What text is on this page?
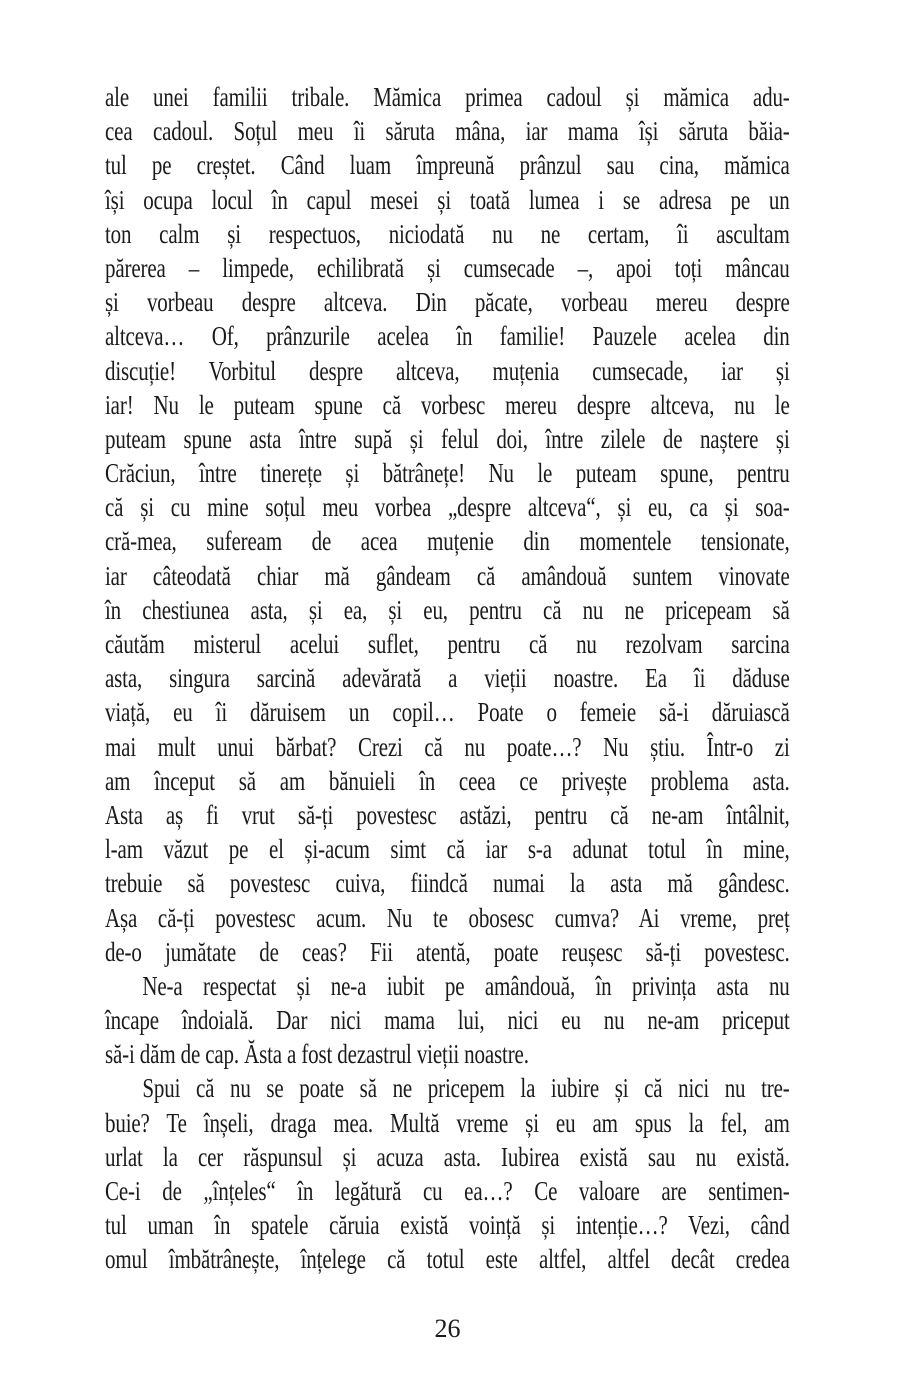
ale unei familii tribale. Mămica primea cadoul și mămica adu-
cea cadoul. Soțul meu îi săruta mâna, iar mama își săruta băia-
tul pe creștet. Când luam împreună prânzul sau cina, mămica
își ocupa locul în capul mesei și toată lumea i se adresa pe un
ton calm și respectuos, niciodată nu ne certam, îi ascultam
părerea – limpede, echilibrată și cumsecade –, apoi toți mâncau
și vorbeau despre altceva. Din păcate, vorbeau mereu despre
altceva… Of, prânzurile acelea în familie! Pauzele acelea din
discuție! Vorbitul despre altceva, muțenia cumsecade, iar și
iar! Nu le puteam spune că vorbesc mereu despre altceva, nu le
puteam spune asta între supă și felul doi, între zilele de naștere și
Crăciun, între tinerețe și bătrânețe! Nu le puteam spune, pentru
că și cu mine soțul meu vorbea „despre altceva“, și eu, ca și soa-
cră-mea, sufeream de acea muțenie din momentele tensionate,
iar câteodată chiar mă gândeam că amândouă suntem vinovate
în chestiunea asta, și ea, și eu, pentru că nu ne pricepeam să
căutăm misterul acelui suflet, pentru că nu rezolvam sarcina
asta, singura sarcină adevărată a vieții noastre. Ea îi dăduse
viață, eu îi dăruisem un copil… Poate o femeie să-i dăruiască
mai mult unui bărbat? Crezi că nu poate…? Nu știu. Într-o zi
am început să am bănuieli în ceea ce privește problema asta.
Asta aș fi vrut să-ți povestesc astăzi, pentru că ne-am întâlnit,
l-am văzut pe el și-acum simt că iar s-a adunat totul în mine,
trebuie să povestesc cuiva, fiindcă numai la asta mă gândesc.
Așa că-ți povestesc acum. Nu te obosesc cumva? Ai vreme, preț
de-o jumătate de ceas? Fii atentă, poate reușesc să-ți povestesc.
Ne-a respectat și ne-a iubit pe amândouă, în privința asta nu
încape îndoială. Dar nici mama lui, nici eu nu ne-am priceput
să-i dăm de cap. Ăsta a fost dezastrul vieții noastre.
Spui că nu se poate să ne pricepem la iubire și că nici nu tre-
buie? Te înșeli, draga mea. Multă vreme și eu am spus la fel, am
urlat la cer răspunsul și acuza asta. Iubirea există sau nu există.
Ce-i de „înțeles“ în legătură cu ea…? Ce valoare are sentimen-
tul uman în spatele căruia există voință și intenție…? Vezi, când
omul îmbătrânește, înțelege că totul este altfel, altfel decât credea
26
